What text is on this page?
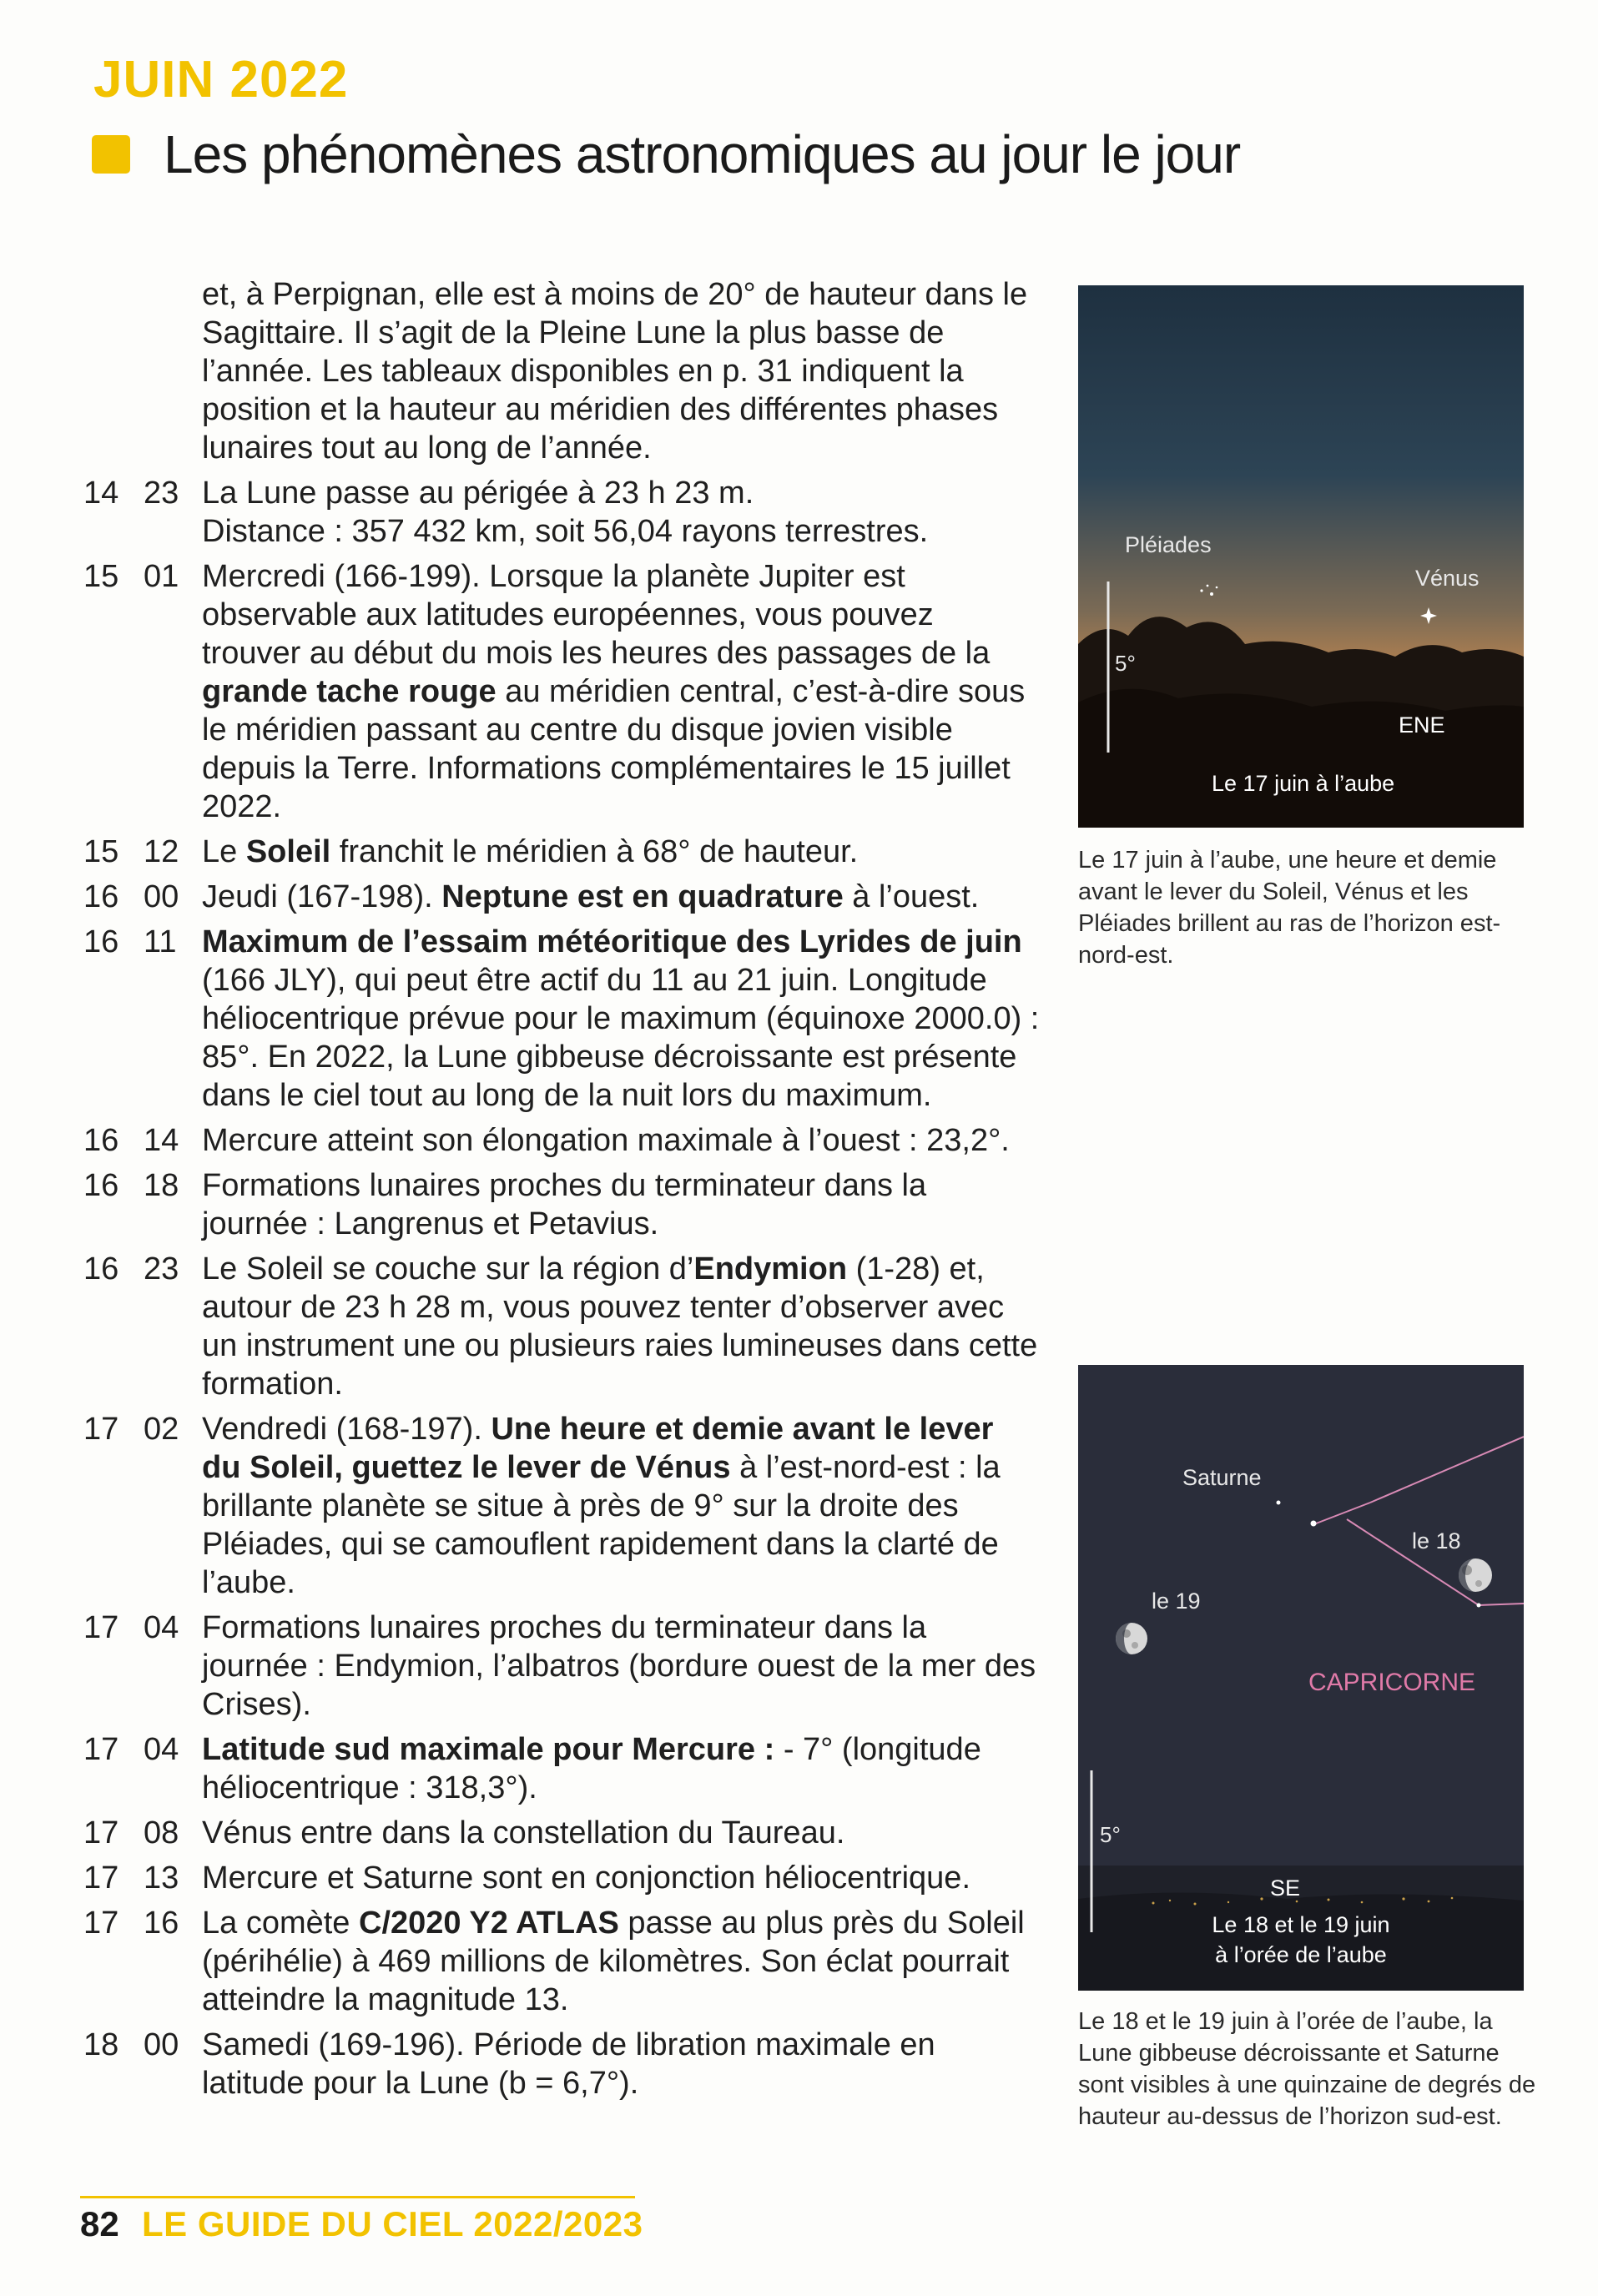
JUIN 2022
Les phénomènes astronomiques au jour le jour
et, à Perpignan, elle est à moins de 20° de hauteur dans le Sagittaire. Il s’agit de la Pleine Lune la plus basse de l’année. Les tableaux disponibles en p. 31 indiquent la position et la hauteur au méridien des différentes phases lunaires tout au long de l’année.
14 23 La Lune passe au périgée à 23 h 23 m.
Distance : 357 432 km, soit 56,04 rayons terrestres.
15 01 Mercredi (166-199). Lorsque la planète Jupiter est observable aux latitudes européennes, vous pouvez trouver au début du mois les heures des passages de la grande tache rouge au méridien central, c’est-à-dire sous le méridien passant au centre du disque jovien visible depuis la Terre. Informations complémentaires le 15 juillet 2022.
15 12 Le Soleil franchit le méridien à 68° de hauteur.
16 00 Jeudi (167-198). Neptune est en quadrature à l’ouest.
16 11 Maximum de l’essaim météoritique des Lyrides de juin (166 JLY), qui peut être actif du 11 au 21 juin. Longitude héliocentrique prévue pour le maximum (équinoxe 2000.0) : 85°. En 2022, la Lune gibbeuse décroissante est présente dans le ciel tout au long de la nuit lors du maximum.
16 14 Mercure atteint son élongation maximale à l’ouest : 23,2°.
16 18 Formations lunaires proches du terminateur dans la journée : Langrenus et Petavius.
16 23 Le Soleil se couche sur la région d’Endymion (1-28) et, autour de 23 h 28 m, vous pouvez tenter d’observer avec un instrument une ou plusieurs raies lumineuses dans cette formation.
17 02 Vendredi (168-197). Une heure et demie avant le lever du Soleil, guettez le lever de Vénus à l’est-nord-est : la brillante planète se situe à près de 9° sur la droite des Pléiades, qui se camouflent rapidement dans la clarté de l’aube.
17 04 Formations lunaires proches du terminateur dans la journée : Endymion, l’albatros (bordure ouest de la mer des Crises).
17 04 Latitude sud maximale pour Mercure : - 7° (longitude héliocentrique : 318,3°).
17 08 Vénus entre dans la constellation du Taureau.
17 13 Mercure et Saturne sont en conjonction héliocentrique.
17 16 La comète C/2020 Y2 ATLAS passe au plus près du Soleil (périhélie) à 469 millions de kilomètres. Son éclat pourrait atteindre la magnitude 13.
18 00 Samedi (169-196). Période de libration maximale en latitude pour la Lune (b = 6,7°).
Pléiades
Vénus
5°
ENE
Le 17 juin à l’aube
Le 17 juin à l’aube, une heure et demie avant le lever du Soleil, Vénus et les Pléiades brillent au ras de l’horizon est-nord-est.
Saturne
le 18
le 19
CAPRICORNE
5°
SE
Le 18 et le 19 juin
à l’orée de l’aube
Le 18 et le 19 juin à l’orée de l’aube, la Lune gibbeuse décroissante et Saturne sont visibles à une quinzaine de degrés de hauteur au-dessus de l’horizon sud-est.
82 LE GUIDE DU CIEL 2022/2023
